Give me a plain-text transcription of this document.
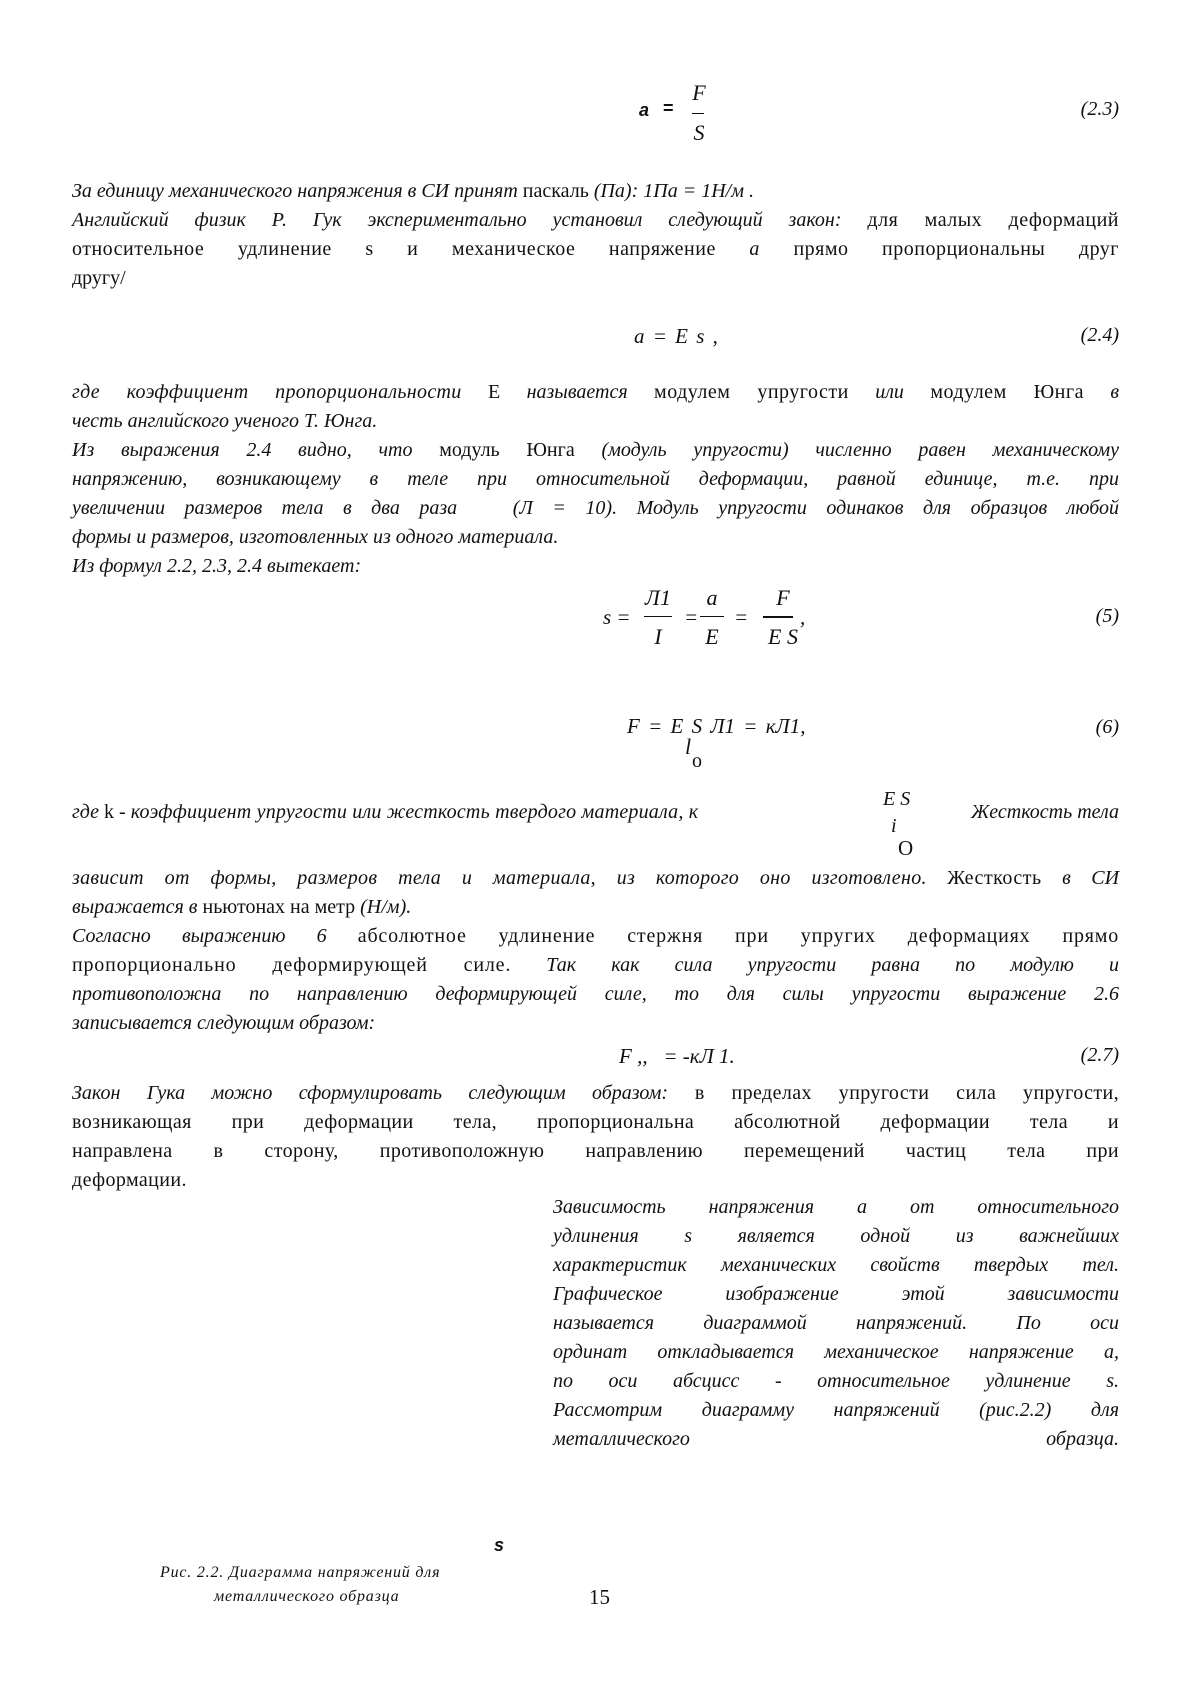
a =
F
S
(2.3)
За единицу механического напряжения в СИ принят паскаль (Па): 1Па = 1Н/м .
Английский физик Р. Гук экспериментально установил следующий закон: для малых деформаций
относительное удлинение s и механическое напряжение a прямо пропорциональны друг
другу/
a = E s ,	(2.4)
где коэффициент пропорциональности Е называется модулем упругости или модулем Юнга в
честь английского ученого Т. Юнга.
Из выражения 2.4 видно, что модуль Юнга (модуль упругости) численно равен механическому
напряжению, возникающему в теле при относительной деформации, равной единице, т.е. при
увеличении размеров тела в два раза	(Л = 10). Модуль упругости одинаков для образцов любой
формы и размеров, изготовленных из одного материала.
Из формул 2.2, 2.3, 2.4 вытекает:
s =
Л1
I
=
a
E
=
F
E S
,	(5)
F = E S Л1 = кЛ1,
l
о
(6)
где k - коэффициент упругости или жесткость твердого материала, к
E S
i
O
Жесткость тела
зависит от формы, размеров тела и материала, из которого оно изготовлено. Жесткость в СИ
выражается в ньютонах на метр (Н/м).
Согласно выражению 6 абсолютное удлинение стержня при упругих деформациях прямо
пропорционально деформирующей силе. Так как сила упругости равна по модулю и
противоположна по направлению деформирующей силе, то для силы упругости выражение 2.6
записывается следующим образом:
F ,,   = -кЛ 1.	(2.7)
Закон Гука можно сформулировать следующим образом: в пределах упругости сила упругости,
возникающая при деформации тела, пропорциональна абсолютной деформации тела и
направлена в сторону, противоположную направлению перемещений частиц тела при
деформации.
Зависимость напряжения a от относительного
удлинения s является одной из важнейших
характеристик механических свойств твердых тел.
Графическое изображение этой зависимости
называется диаграммой напряжений. По оси
ординат откладывается механическое напряжение а,
по оси абсцисс - относительное удлинение s.
Рассмотрим диаграмму напряжений (рис.2.2) для
металлического образца.
s
Рис. 2.2. Диаграмма напряжений для
металлического образца	15
